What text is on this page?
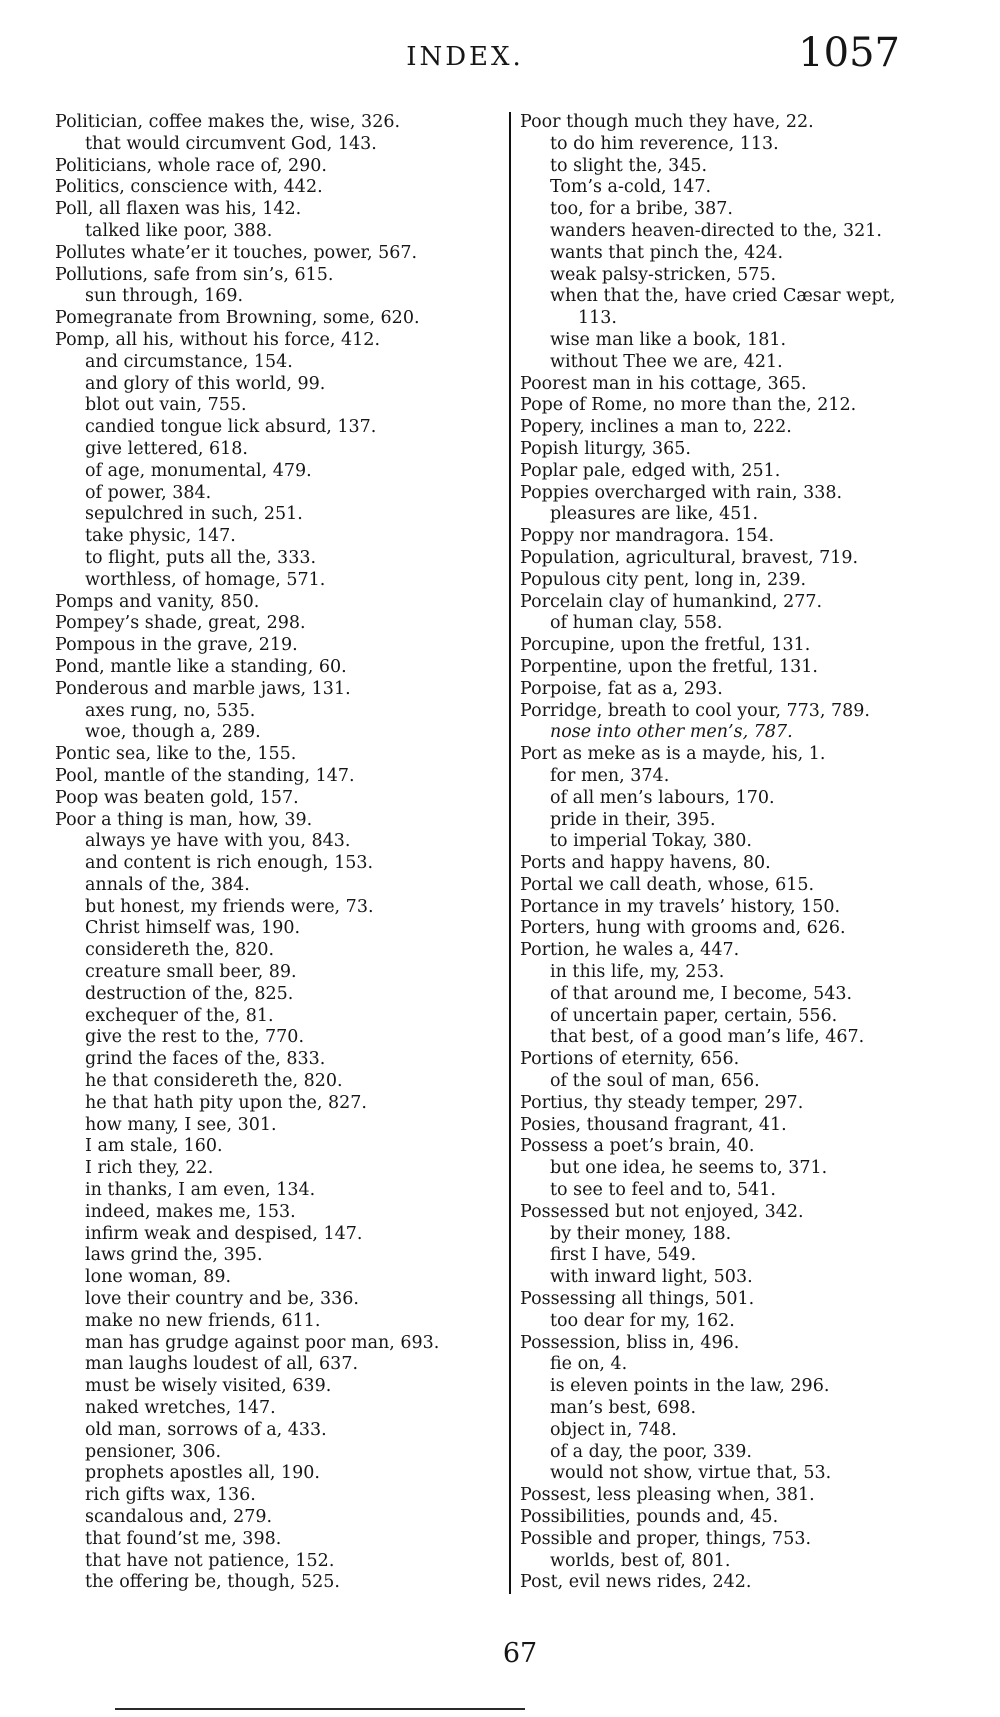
INDEX.	1057
Politician, coffee makes the, wise, 326.
that would circumvent God, 143.
Politicians, whole race of, 290.
Politics, conscience with, 442.
Poll, all flaxen was his, 142.
talked like poor, 388.
Pollutes whate’er it touches, power, 567.
Pollutions, safe from sin’s, 615.
sun through, 169.
Pomegranate from Browning, some, 620.
Pomp, all his, without his force, 412.
and circumstance, 154.
and glory of this world, 99.
blot out vain, 755.
candied tongue lick absurd, 137.
give lettered, 618.
of age, monumental, 479.
of power, 384.
sepulchred in such, 251.
take physic, 147.
to flight, puts all the, 333.
worthless, of homage, 571.
Pomps and vanity, 850.
Pompey’s shade, great, 298.
Pompous in the grave, 219.
Pond, mantle like a standing, 60.
Ponderous and marble jaws, 131.
axes rung, no, 535.
woe, though a, 289.
Pontic sea, like to the, 155.
Pool, mantle of the standing, 147.
Poop was beaten gold, 157.
Poor a thing is man, how, 39.
always ye have with you, 843.
and content is rich enough, 153.
annals of the, 384.
but honest, my friends were, 73.
Christ himself was, 190.
considereth the, 820.
creature small beer, 89.
destruction of the, 825.
exchequer of the, 81.
give the rest to the, 770.
grind the faces of the, 833.
he that considereth the, 820.
he that hath pity upon the, 827.
how many, I see, 301.
I am stale, 160.
I rich they, 22.
in thanks, I am even, 134.
indeed, makes me, 153.
infirm weak and despised, 147.
laws grind the, 395.
lone woman, 89.
love their country and be, 336.
make no new friends, 611.
man has grudge against poor man, 693.
man laughs loudest of all, 637.
must be wisely visited, 639.
naked wretches, 147.
old man, sorrows of a, 433.
pensioner, 306.
prophets apostles all, 190.
rich gifts wax, 136.
scandalous and, 279.
that found’st me, 398.
that have not patience, 152.
the offering be, though, 525.
Poor though much they have, 22.
to do him reverence, 113.
to slight the, 345.
Tom’s a-cold, 147.
too, for a bribe, 387.
wanders heaven-directed to the, 321.
wants that pinch the, 424.
weak palsy-stricken, 575.
when that the, have cried Cæsar wept,
113.
wise man like a book, 181.
without Thee we are, 421.
Poorest man in his cottage, 365.
Pope of Rome, no more than the, 212.
Popery, inclines a man to, 222.
Popish liturgy, 365.
Poplar pale, edged with, 251.
Poppies overcharged with rain, 338.
pleasures are like, 451.
Poppy nor mandragora. 154.
Population, agricultural, bravest, 719.
Populous city pent, long in, 239.
Porcelain clay of humankind, 277.
of human clay, 558.
Porcupine, upon the fretful, 131.
Porpentine, upon the fretful, 131.
Porpoise, fat as a, 293.
Porridge, breath to cool your, 773, 789.
nose into other men’s, 787.
Port as meke as is a mayde, his, 1.
for men, 374.
of all men’s labours, 170.
pride in their, 395.
to imperial Tokay, 380.
Ports and happy havens, 80.
Portal we call death, whose, 615.
Portance in my travels’ history, 150.
Porters, hung with grooms and, 626.
Portion, he wales a, 447.
in this life, my, 253.
of that around me, I become, 543.
of uncertain paper, certain, 556.
that best, of a good man’s life, 467.
Portions of eternity, 656.
of the soul of man, 656.
Portius, thy steady temper, 297.
Posies, thousand fragrant, 41.
Possess a poet’s brain, 40.
but one idea, he seems to, 371.
to see to feel and to, 541.
Possessed but not enjoyed, 342.
by their money, 188.
first I have, 549.
with inward light, 503.
Possessing all things, 501.
too dear for my, 162.
Possession, bliss in, 496.
fie on, 4.
is eleven points in the law, 296.
man’s best, 698.
object in, 748.
of a day, the poor, 339.
would not show, virtue that, 53.
Possest, less pleasing when, 381.
Possibilities, pounds and, 45.
Possible and proper, things, 753.
worlds, best of, 801.
Post, evil news rides, 242.
67
